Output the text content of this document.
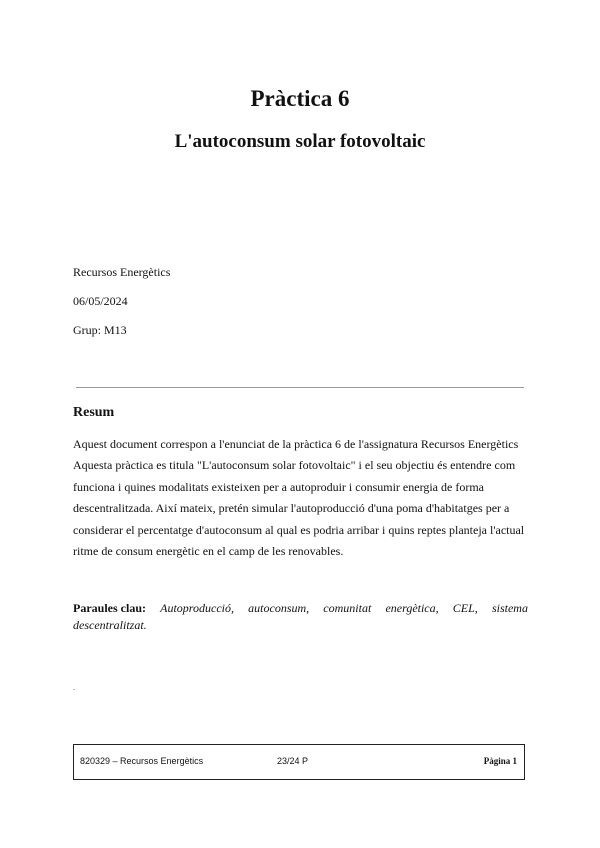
Pràctica 6
L'autoconsum solar fotovoltaic
Recursos Energètics
06/05/2024
Grup: M13
Resum
Aquest document correspon a l'enunciat de la pràctica 6 de l'assignatura Recursos Energètics
Aquesta pràctica es titula "L'autoconsum solar fotovoltaic" i el seu objectiu és entendre com
funciona i quines modalitats existeixen per a autoproduir i consumir energia de forma
descentralitzada. Així mateix, pretén simular l'autoproducció d'una poma d'habitatges per a
considerar el percentatge d'autoconsum al qual es podria arribar i quins reptes planteja l'actual
ritme de consum energètic en el camp de les renovables.
Paraules clau: Autoproducció, autoconsum, comunitat energètica, CEL, sistema
descentralitzat.
.
820329 – Recursos Energètics	23/24 P	Pàgina 1
